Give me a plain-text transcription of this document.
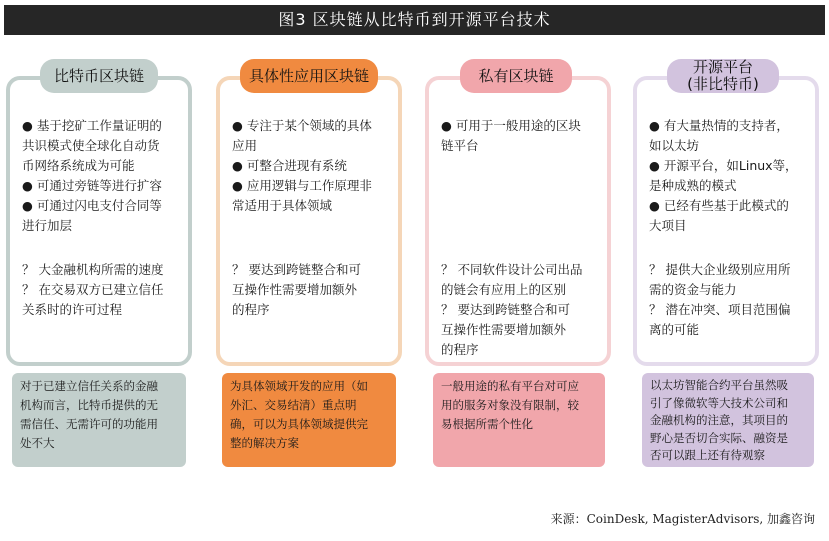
图3 区块链从比特币到开源平台技术
● 基于挖矿工作量证明的
共识模式使全球化自动货
币网络系统成为可能
● 可通过旁链等进行扩容
● 可通过闪电支付合同等
进行加层
？ 大金融机构所需的速度
？ 在交易双方已建立信任
关系时的许可过程
比特币区块链
对于已建立信任关系的金融
机构而言，比特币提供的无
需信任、无需许可的功能用
处不大
● 专注于某个领域的具体
应用
● 可整合进现有系统
● 应用逻辑与工作原理非
常适用于具体领域
？ 要达到跨链整合和可
互操作性需要增加额外
的程序
具体性应用区块链
为具体领域开发的应用（如
外汇、交易结清）重点明
确，可以为具体领域提供完
整的解决方案
● 可用于一般用途的区块
链平台
？ 不同软件设计公司出品
的链会有应用上的区别
？ 要达到跨链整合和可
互操作性需要增加额外
的程序
私有区块链
一般用途的私有平台对可应
用的服务对象没有限制，较
易根据所需个性化
● 有大量热情的支持者，
如以太坊
● 开源平台，如Linux等，
是种成熟的模式
● 已经有些基于此模式的
大项目
？ 提供大企业级别应用所
需的资金与能力
？ 潜在冲突、项目范围偏
离的可能
开源平台
(非比特币)
以太坊智能合约平台虽然吸
引了像微软等大技术公司和
金融机构的注意，其项目的
野心是否切合实际、融资是
否可以跟上还有待观察
来源：CoinDesk, MagisterAdvisors, 加鑫咨询
